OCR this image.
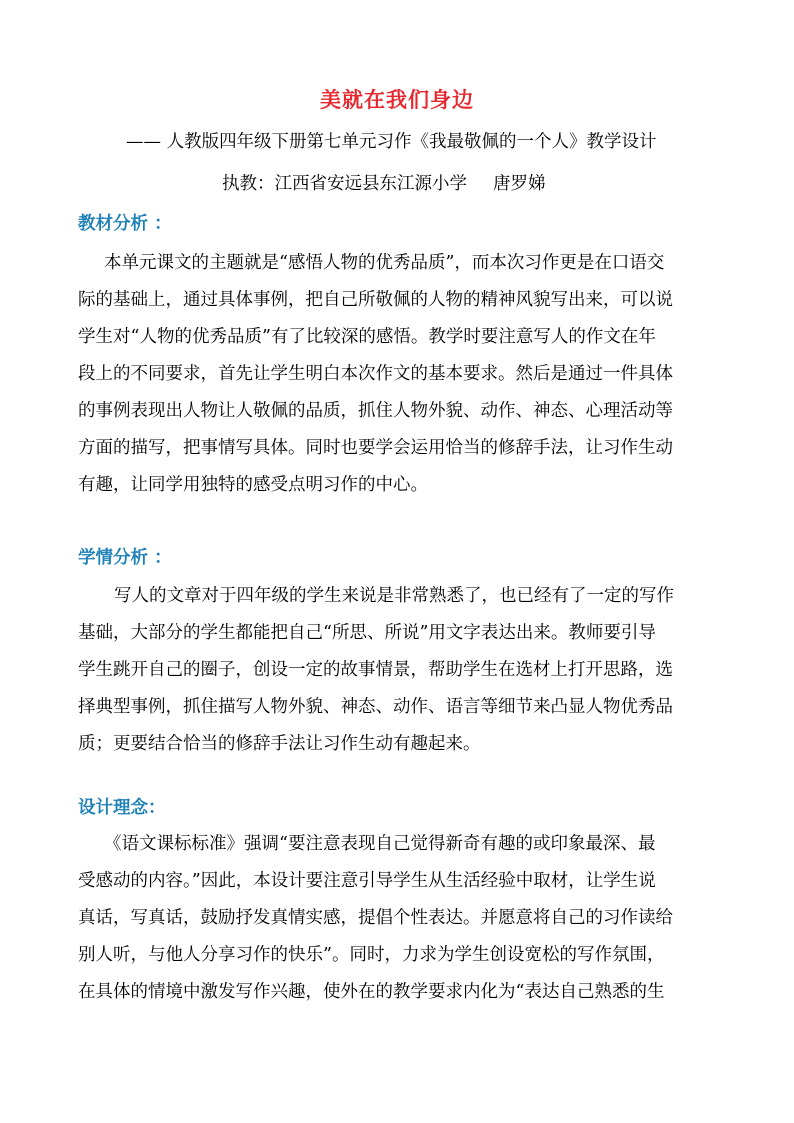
美就在我们身边
—— 人教版四年级下册第七单元习作《我最敬佩的一个人》教学设计
执教：江西省安远县东江源小学 唐罗娣
教材分析 ：
本单元课文的主题就是“感悟人物的优秀品质”，而本次习作更是在口语交
际的基础上，通过具体事例，把自己所敬佩的人物的精神风貌写出来，可以说
学生对“人物的优秀品质”有了比较深的感悟。教学时要注意写人的作文在年
段上的不同要求，首先让学生明白本次作文的基本要求。然后是通过一件具体
的事例表现出人物让人敬佩的品质，抓住人物外貌、动作、神态、心理活动等
方面的描写，把事情写具体。同时也要学会运用恰当的修辞手法，让习作生动
有趣，让同学用独特的感受点明习作的中心。
学情分析 ：
写人的文章对于四年级的学生来说是非常熟悉了，也已经有了一定的写作
基础，大部分的学生都能把自己“所思、所说”用文字表达出来。教师要引导
学生跳开自己的圈子，创设一定的故事情景，帮助学生在选材上打开思路，选
择典型事例，抓住描写人物外貌、神态、动作、语言等细节来凸显人物优秀品
质；更要结合恰当的修辞手法让习作生动有趣起来。
设计理念：
《语文课标标准》强调“要注意表现自己觉得新奇有趣的或印象最深、最
受感动的内容。”因此，本设计要注意引导学生从生活经验中取材，让学生说
真话，写真话，鼓励抒发真情实感，提倡个性表达。并愿意将自己的习作读给
别人听，与他人分享习作的快乐”。同时，力求为学生创设宽松的写作氛围，
在具体的情境中激发写作兴趣，使外在的教学要求内化为“表达自己熟悉的生
